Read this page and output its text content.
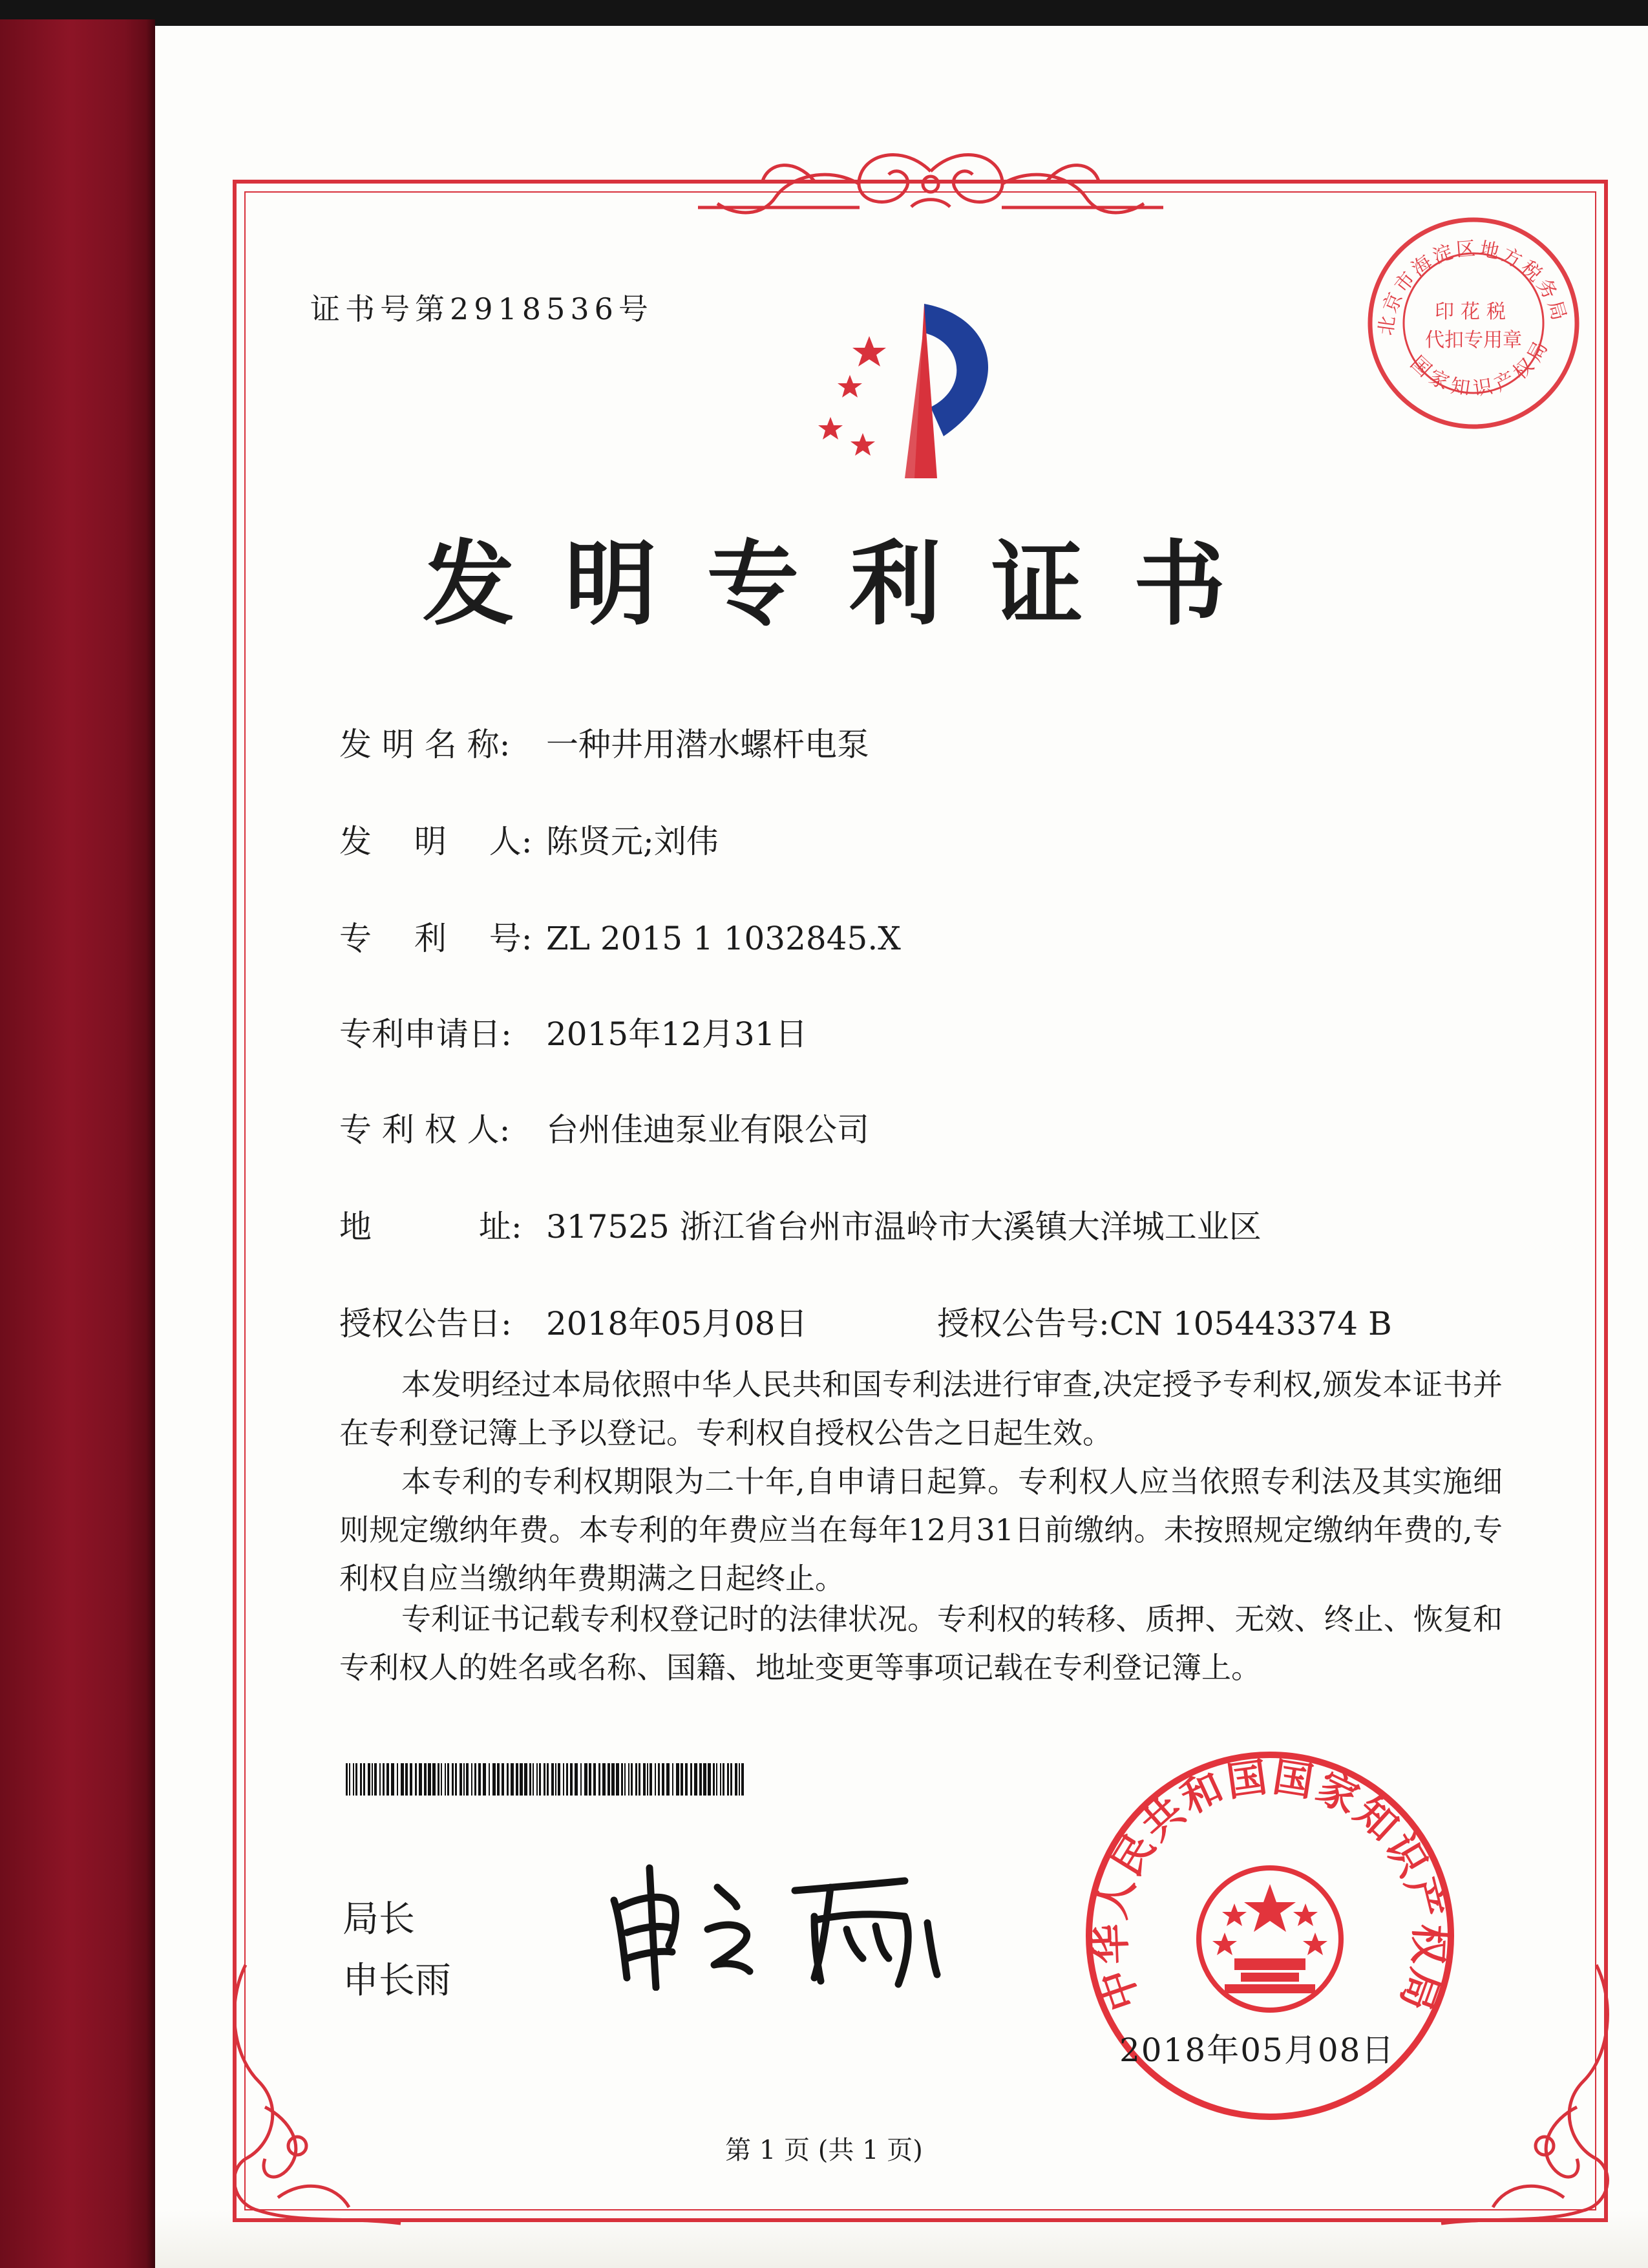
证书号第2918536号	北京市海淀区地方税务局
国家知识产权局
印花税
代扣专用章
发明专利证书
发 明 名 称: 一种井用潜水螺杆电泵
发　 明　 人: 陈贤元;刘伟
专　 利　 号: ZL 2015 1 1032845.X
专利申请日: 2015年12月31日
专 利 权 人: 台州佳迪泵业有限公司
地　　　 址: 317525 浙江省台州市温岭市大溪镇大洋城工业区
授权公告日: 2018年05月08日	授权公告号:CN 105443374 B

本发明经过本局依照中华人民共和国专利法进行审查,决定授予专利权,颁发本证书并在专利登记簿上予以登记。专利权自授权公告之日起生效。

本专利的专利权期限为二十年,自申请日起算。专利权人应当依照专利法及其实施细则规定缴纳年费。本专利的年费应当在每年12月31日前缴纳。未按照规定缴纳年费的,专利权自应当缴纳年费期满之日起终止。

专利证书记载专利权登记时的法律状况。专利权的转移、质押、无效、终止、恢复和专利权人的姓名或名称、国籍、地址变更等事项记载在专利登记簿上。

局长
申长雨	中华人民共和国国家知识产权局
2018年05月08日
第 1 页 (共 1 页)
